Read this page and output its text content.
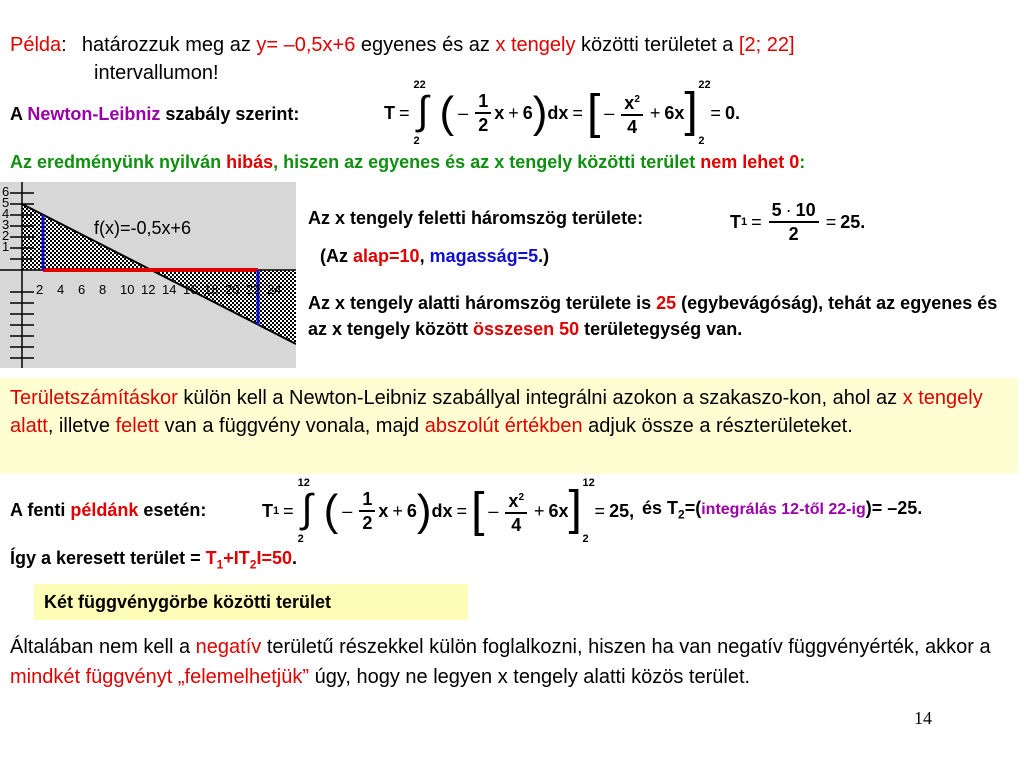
Példa:  határozzuk meg az y= –0,5x+6 egyenes és az x tengely közötti területet a [2; 22]
intervallumon!
A Newton-Leibniz szabály szerint:	T =
22
∫
2
( – $\frac{1}{2}$ x + 6 ) dx = [ – $\frac{x^2}{4} + 6x$ ] 22
2
= 0.
Az eredményünk nyilván hibás, hiszen az egyenes és az x tengely közötti terület nem lehet 0:
f(x)=-0,5x+6
2 4 6 8 10 12 14 16 18 20 22 24
6
5
4
3
2
1
Az x tengely feletti háromszög területe:	T $1 = \frac{5 \cdot 10}{2} = 25$.
(Az alap=10, magasság=5.)
Az x tengely alatti háromszög területe is 25 (egybevágóság), tehát az egyenes és az x tengely között összesen 50 területegység van.
Területszámításkor külön kell a Newton-Leibniz szabállyal integrálni azokon a szakaszo-kon, ahol az x tengely alatt, illetve felett van a függvény vonala, majd abszolút értékben adjuk össze a részterületeket.
A fenti példánk esetén:	T 1 =
12
∫
2
( – $\frac{1}{2}$ x + 6 ) dx = [ – $\frac{x^2}{4} + 6x$ ] 12
2
= 25, és $T_2=(integrálás$ 12-től 22-ig)= –25.
Így a keresett terület = $T_1+IT_2I=50$.
Két függvénygörbe közötti terület
Általában nem kell a negatív területű részekkel külön foglalkozni, hiszen ha van negatív függvényérték, akkor a mindkét függvényt „felemelhetjük” úgy, hogy ne legyen x tengely alatti közös terület.
14
